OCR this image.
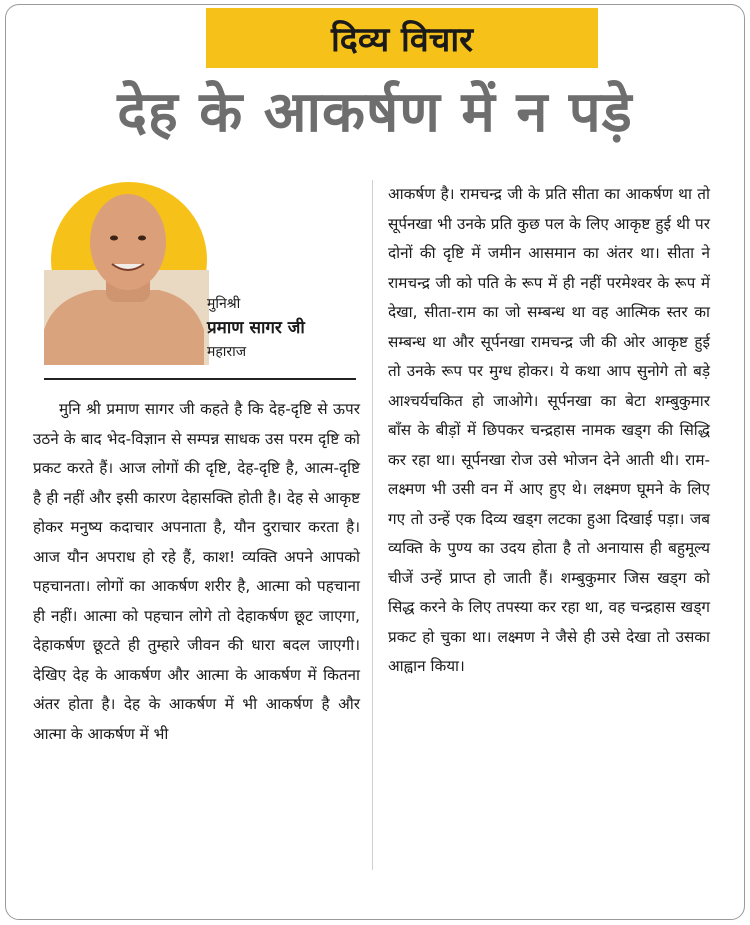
दिव्य विचार
देह के आकर्षण में न पड़े
मुनिश्री
प्रमाण सागर जी
महाराज

मुनि श्री प्रमाण सागर जी कहते है कि देह-दृष्टि से ऊपर उठने के बाद भेद-विज्ञान से सम्पन्न साधक उस परम दृष्टि को प्रकट करते हैं। आज लोगों की दृष्टि, देह-दृष्टि है, आत्म-दृष्टि है ही नहीं और इसी कारण देहासक्ति होती है। देह से आकृष्ट होकर मनुष्य कदाचार अपनाता है, यौन दुराचार करता है। आज यौन अपराध हो रहे हैं, काश! व्यक्ति अपने आपको पहचानता। लोगों का आकर्षण शरीर है, आत्मा को पहचाना ही नहीं। आत्मा को पहचान लोगे तो देहाकर्षण छूट जाएगा, देहाकर्षण छूटते ही तुम्हारे जीवन की धारा बदल जाएगी। देखिए देह के आकर्षण और आत्मा के आकर्षण में कितना अंतर होता है। देह के आकर्षण में भी आकर्षण है और आत्मा के आकर्षण में भी

आकर्षण है। रामचन्द्र जी के प्रति सीता का आकर्षण था तो सूर्पनखा भी उनके प्रति कुछ पल के लिए आकृष्ट हुई थी पर दोनों की दृष्टि में जमीन आसमान का अंतर था। सीता ने रामचन्द्र जी को पति के रूप में ही नहीं परमेश्वर के रूप में देखा, सीता-राम का जो सम्बन्ध था वह आत्मिक स्तर का सम्बन्ध था और सूर्पनखा रामचन्द्र जी की ओर आकृष्ट हुई तो उनके रूप पर मुग्ध होकर। ये कथा आप सुनोगे तो बड़े आश्चर्यचकित हो जाओगे। सूर्पनखा का बेटा शम्बुकुमार बाँस के बीड़ों में छिपकर चन्द्रहास नामक खड्ग की सिद्धि कर रहा था। सूर्पनखा रोज उसे भोजन देने आती थी। राम-लक्ष्मण भी उसी वन में आए हुए थे। लक्ष्मण घूमने के लिए गए तो उन्हें एक दिव्य खड्ग लटका हुआ दिखाई पड़ा। जब व्यक्ति के पुण्य का उदय होता है तो अनायास ही बहुमूल्य चीजें उन्हें प्राप्त हो जाती हैं। शम्बुकुमार जिस खड्ग को सिद्ध करने के लिए तपस्या कर रहा था, वह चन्द्रहास खड्ग प्रकट हो चुका था। लक्ष्मण ने जैसे ही उसे देखा तो उसका आह्वान किया।
